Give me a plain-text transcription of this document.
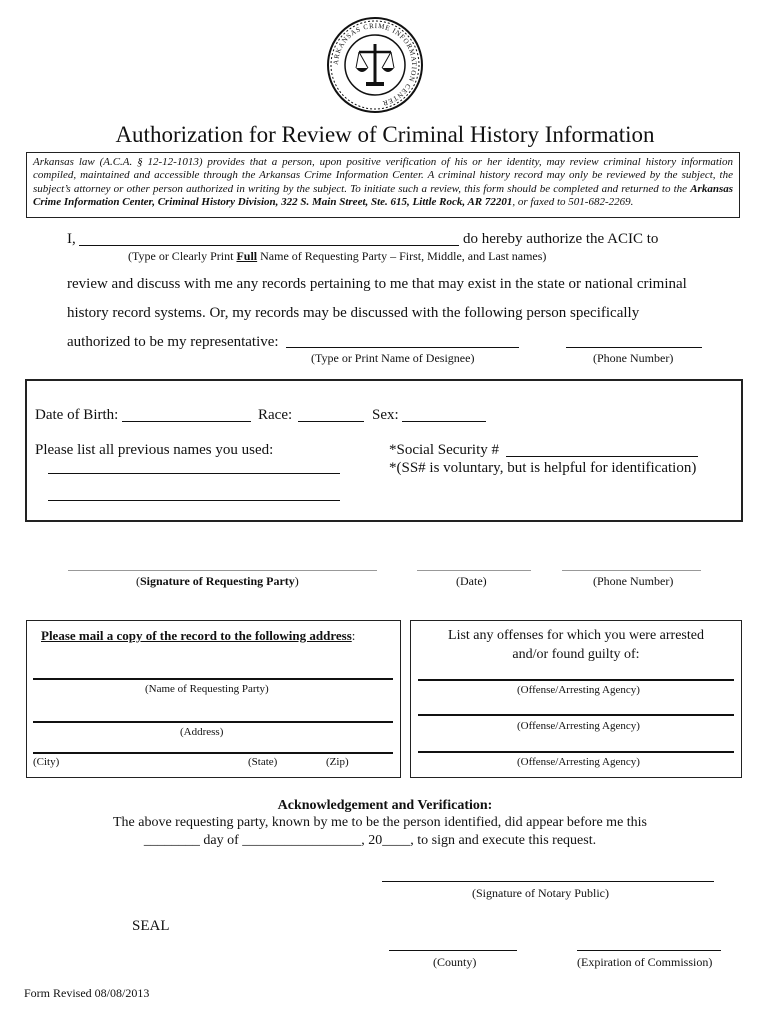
ARKANSAS CRIME INFORMATION CENTER
Authorization for Review of Criminal History Information
Arkansas law (A.C.A. § 12-12-1013) provides that a person, upon positive verification of his or her identity, may review criminal history information compiled, maintained and accessible through the Arkansas Crime Information Center. A criminal history record may only be reviewed by the subject, the subject’s attorney or other person authorized in writing by the subject. To initiate such a review, this form should be completed and returned to the Arkansas Crime Information Center, Criminal History Division, 322 S. Main Street, Ste. 615, Little Rock, AR 72201, or faxed to 501-682-2269.
I,	do hereby authorize the ACIC to
(Type or Clearly Print Full Name of Requesting Party – First, Middle, and Last names)
review and discuss with me any records pertaining to me that may exist in the state or national criminal
history record systems. Or, my records may be discussed with the following person specifically
authorized to be my representative:
(Type or Print Name of Designee)	(Phone Number)
Date of Birth:	Race:	Sex:
Please list all previous names you used:	*Social Security #
*(SS# is voluntary, but is helpful for identification)
(Signature of Requesting Party)	(Date)	(Phone Number)
Please mail a copy of the record to the following address:
(Name of Requesting Party)
(Address)
(City)	(State)	(Zip)
List any offenses for which you were arrested
and/or found guilty of:
(Offense/Arresting Agency)
(Offense/Arresting Agency)
(Offense/Arresting Agency)
Acknowledgement and Verification:
The above requesting party, known by me to be the person identified, did appear before me this
________ day of _________________, 20____, to sign and execute this request.
(Signature of Notary Public)
SEAL
(County)	(Expiration of Commission)
Form Revised 08/08/2013
